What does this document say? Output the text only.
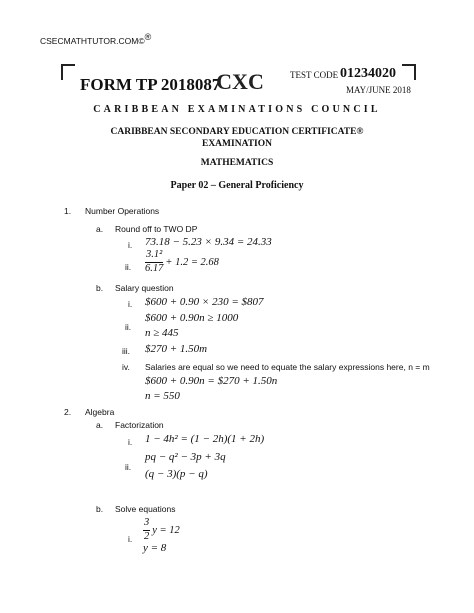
CSECMATHTUTOR.COM©®
FORM TP 2018087
CXC	TEST CODE 01234020
MAY/JUNE 2018
CARIBBEAN EXAMINATIONS COUNCIL
CARIBBEAN SECONDARY EDUCATION CERTIFICATE®
EXAMINATION
MATHEMATICS
Paper 02 – General Proficiency
1. Number Operations
a. Round off to TWO DP
i. 73.18 − 5.23 × 9.34 = 24.33
ii. $\frac{\text{3.1²}}{6.17} + 1.2 = 2.68$
b. Salary question
i. $600 + 0.90 × 230 = $807
ii.
$600 + 0.90n ≥ 1000
n ≥ 445
iii. $270 + 1.50m
iv. Salaries are equal so we need to equate the salary expressions here, n = m
$600 + 0.90n = $270 + 1.50n
n = 550
2. Algebra
a. Factorization
i. 1 − 4h² = (1 − 2h)(1 + 2h)
ii.
pq − q² − 3p + 3q
(q − 3)(p − q)
b. Solve equations
i. $\frac{3}{2}$ y = 12
y = 8
